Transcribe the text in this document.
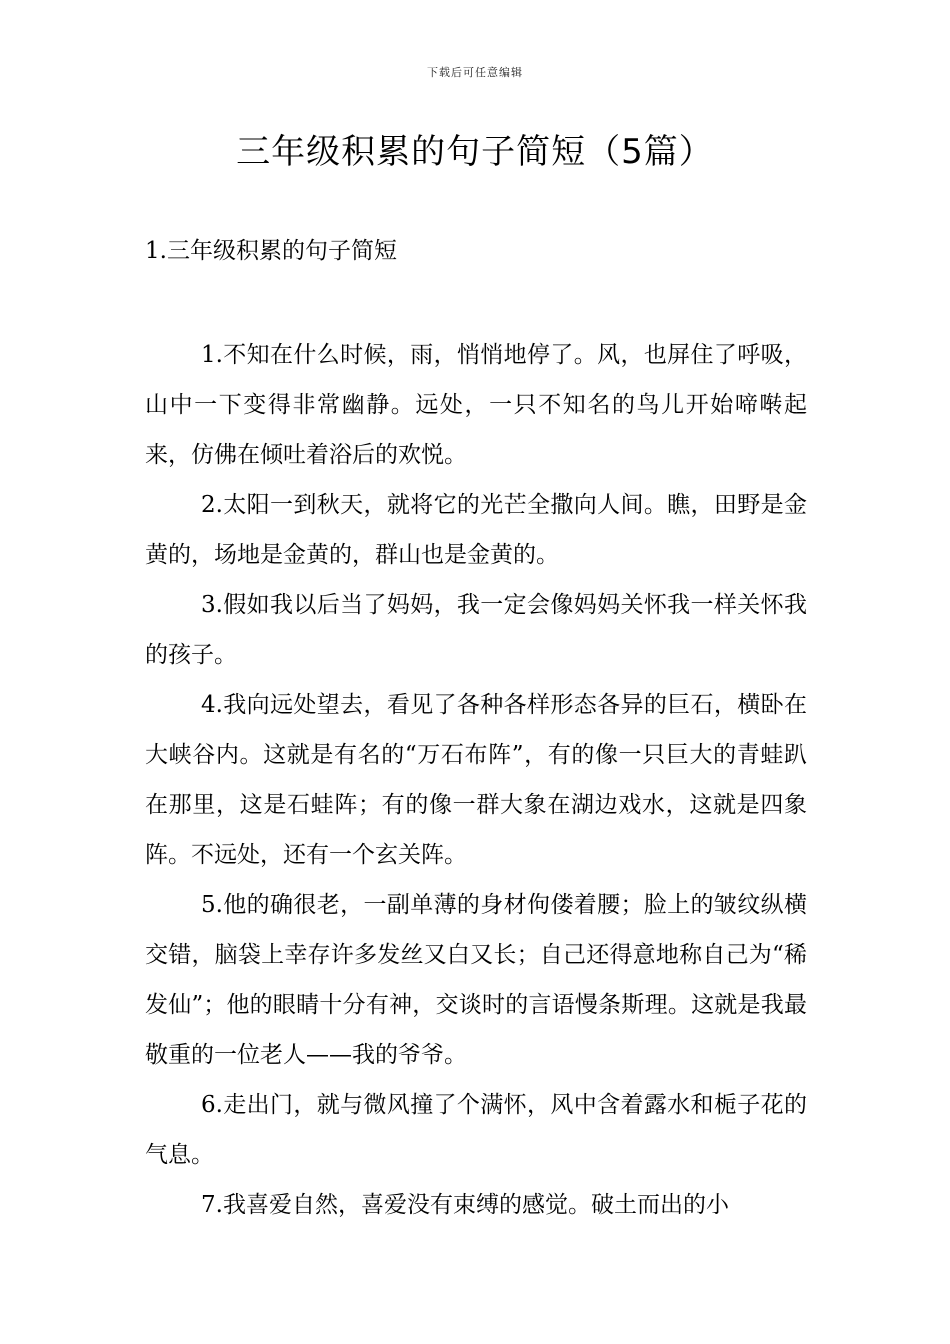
下载后可任意编辑
三年级积累的句子简短（5篇）
1.三年级积累的句子简短

1.不知在什么时候，雨，悄悄地停了。风，也屏住了呼吸，山中一下变得非常幽静。远处，一只不知名的鸟儿开始啼啭起来，仿佛在倾吐着浴后的欢悦。

2.太阳一到秋天，就将它的光芒全撒向人间。瞧，田野是金黄的，场地是金黄的，群山也是金黄的。

3.假如我以后当了妈妈，我一定会像妈妈关怀我一样关怀我的孩子。

4.我向远处望去，看见了各种各样形态各异的巨石，横卧在大峡谷内。这就是有名的“万石布阵”，有的像一只巨大的青蛙趴在那里，这是石蛙阵；有的像一群大象在湖边戏水，这就是四象阵。不远处，还有一个玄关阵。

5.他的确很老，一副单薄的身材佝偻着腰；脸上的皱纹纵横交错，脑袋上幸存许多发丝又白又长；自己还得意地称自己为“稀发仙”；他的眼睛十分有神，交谈时的言语慢条斯理。这就是我最敬重的一位老人——我的爷爷。

6.走出门，就与微风撞了个满怀，风中含着露水和栀子花的气息。

7.我喜爱自然，喜爱没有束缚的感觉。破土而出的小
